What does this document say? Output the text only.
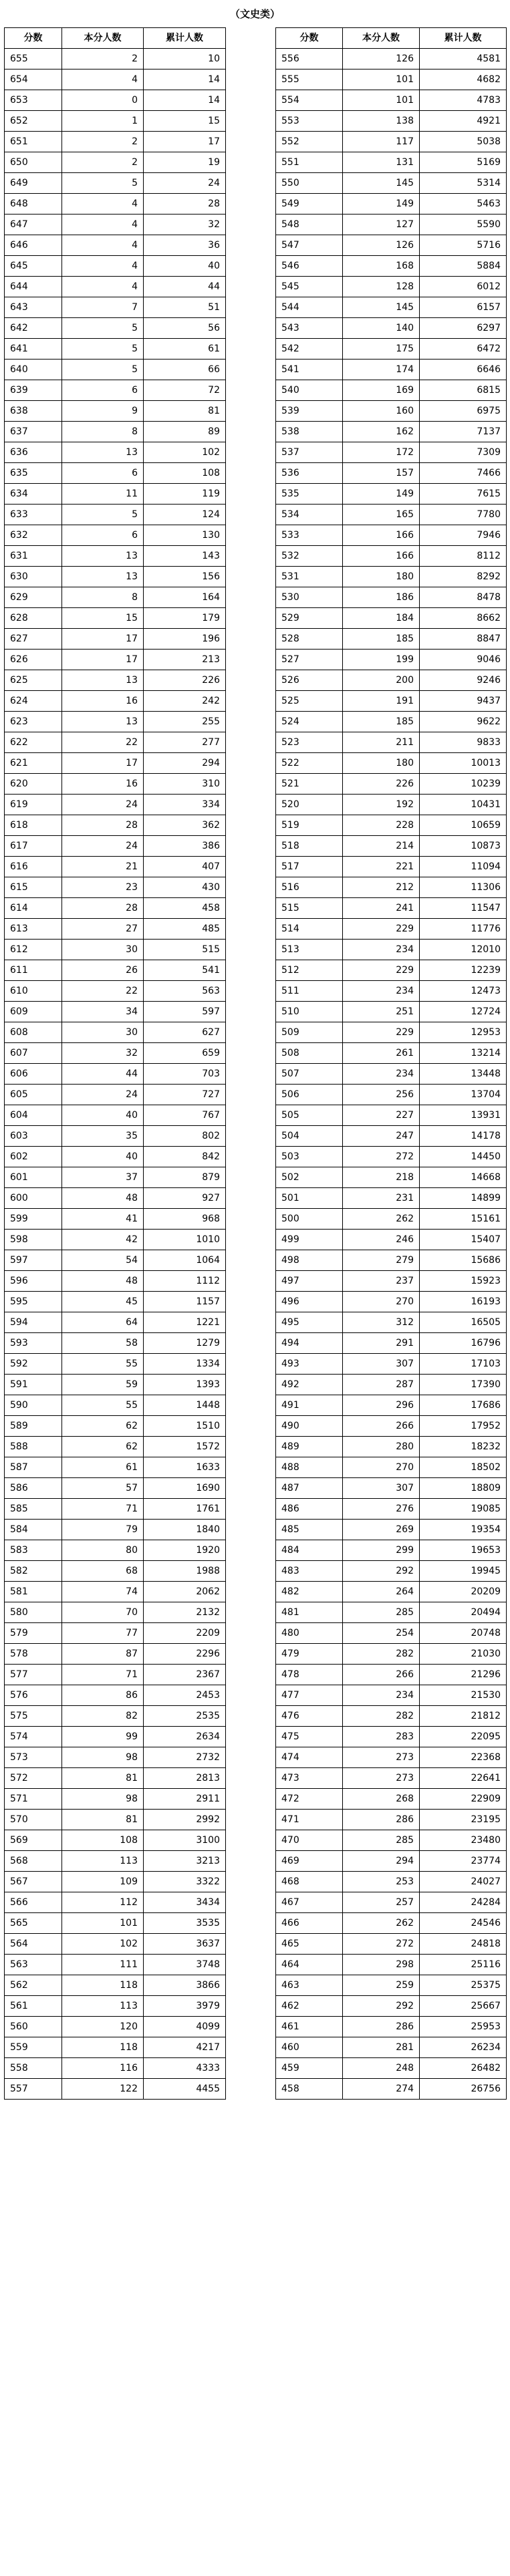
（文史类）
分数	本分人数	累计人数
655	2	10
654	4	14
653	0	14
652	1	15
651	2	17
650	2	19
649	5	24
648	4	28
647	4	32
646	4	36
645	4	40
644	4	44
643	7	51
642	5	56
641	5	61
640	5	66
639	6	72
638	9	81
637	8	89
636	13	102
635	6	108
634	11	119
633	5	124
632	6	130
631	13	143
630	13	156
629	8	164
628	15	179
627	17	196
626	17	213
625	13	226
624	16	242
623	13	255
622	22	277
621	17	294
620	16	310
619	24	334
618	28	362
617	24	386
616	21	407
615	23	430
614	28	458
613	27	485
612	30	515
611	26	541
610	22	563
609	34	597
608	30	627
607	32	659
606	44	703
605	24	727
604	40	767
603	35	802
602	40	842
601	37	879
600	48	927
599	41	968
598	42	1010
597	54	1064
596	48	1112
595	45	1157
594	64	1221
593	58	1279
592	55	1334
591	59	1393
590	55	1448
589	62	1510
588	62	1572
587	61	1633
586	57	1690
585	71	1761
584	79	1840
583	80	1920
582	68	1988
581	74	2062
580	70	2132
579	77	2209
578	87	2296
577	71	2367
576	86	2453
575	82	2535
574	99	2634
573	98	2732
572	81	2813
571	98	2911
570	81	2992
569	108	3100
568	113	3213
567	109	3322
566	112	3434
565	101	3535
564	102	3637
563	111	3748
562	118	3866
561	113	3979
560	120	4099
559	118	4217
558	116	4333
557	122	4455
分数	本分人数	累计人数
556	126	4581
555	101	4682
554	101	4783
553	138	4921
552	117	5038
551	131	5169
550	145	5314
549	149	5463
548	127	5590
547	126	5716
546	168	5884
545	128	6012
544	145	6157
543	140	6297
542	175	6472
541	174	6646
540	169	6815
539	160	6975
538	162	7137
537	172	7309
536	157	7466
535	149	7615
534	165	7780
533	166	7946
532	166	8112
531	180	8292
530	186	8478
529	184	8662
528	185	8847
527	199	9046
526	200	9246
525	191	9437
524	185	9622
523	211	9833
522	180	10013
521	226	10239
520	192	10431
519	228	10659
518	214	10873
517	221	11094
516	212	11306
515	241	11547
514	229	11776
513	234	12010
512	229	12239
511	234	12473
510	251	12724
509	229	12953
508	261	13214
507	234	13448
506	256	13704
505	227	13931
504	247	14178
503	272	14450
502	218	14668
501	231	14899
500	262	15161
499	246	15407
498	279	15686
497	237	15923
496	270	16193
495	312	16505
494	291	16796
493	307	17103
492	287	17390
491	296	17686
490	266	17952
489	280	18232
488	270	18502
487	307	18809
486	276	19085
485	269	19354
484	299	19653
483	292	19945
482	264	20209
481	285	20494
480	254	20748
479	282	21030
478	266	21296
477	234	21530
476	282	21812
475	283	22095
474	273	22368
473	273	22641
472	268	22909
471	286	23195
470	285	23480
469	294	23774
468	253	24027
467	257	24284
466	262	24546
465	272	24818
464	298	25116
463	259	25375
462	292	25667
461	286	25953
460	281	26234
459	248	26482
458	274	26756
